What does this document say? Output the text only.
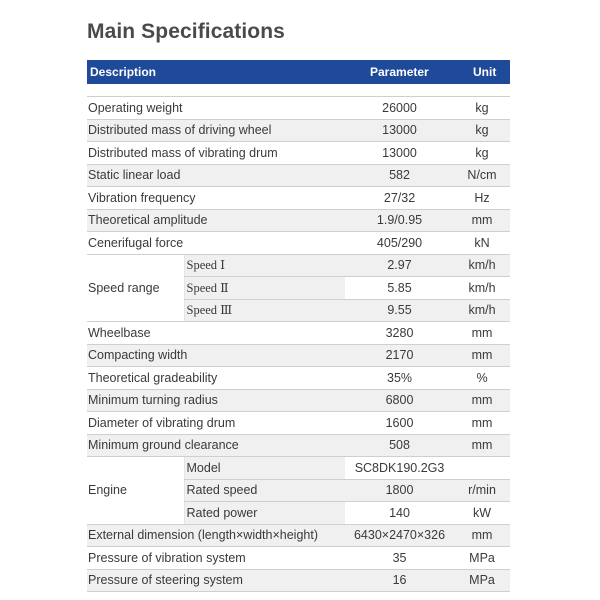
Main Specifications
Description	Parameter	Unit
Operating weight		26000	kg
Distributed mass of driving wheel		13000	kg
Distributed mass of vibrating drum		13000	kg
Static linear load		582	N/cm
Vibration frequency		27/32	Hz
Theoretical amplitude		1.9/0.95	mm
Cenerifugal force		405/290	kN
Speed range	Speed Ⅰ	2.97	km/h
	Speed Ⅱ	5.85	km/h
	Speed Ⅲ	9.55	km/h
Wheelbase		3280	mm
Compacting width		2170	mm
Theoretical gradeability		35%	%
Minimum turning radius		6800	mm
Diameter of vibrating drum		1600	mm
Minimum ground clearance		508	mm
Engine	Model	SC8DK190.2G3	
	Rated speed	1800	r/min
	Rated power	140	kW
External dimension (length×width×height)		6430×2470×326	mm
Pressure of vibration system		35	MPa
Pressure of steering system		16	MPa
